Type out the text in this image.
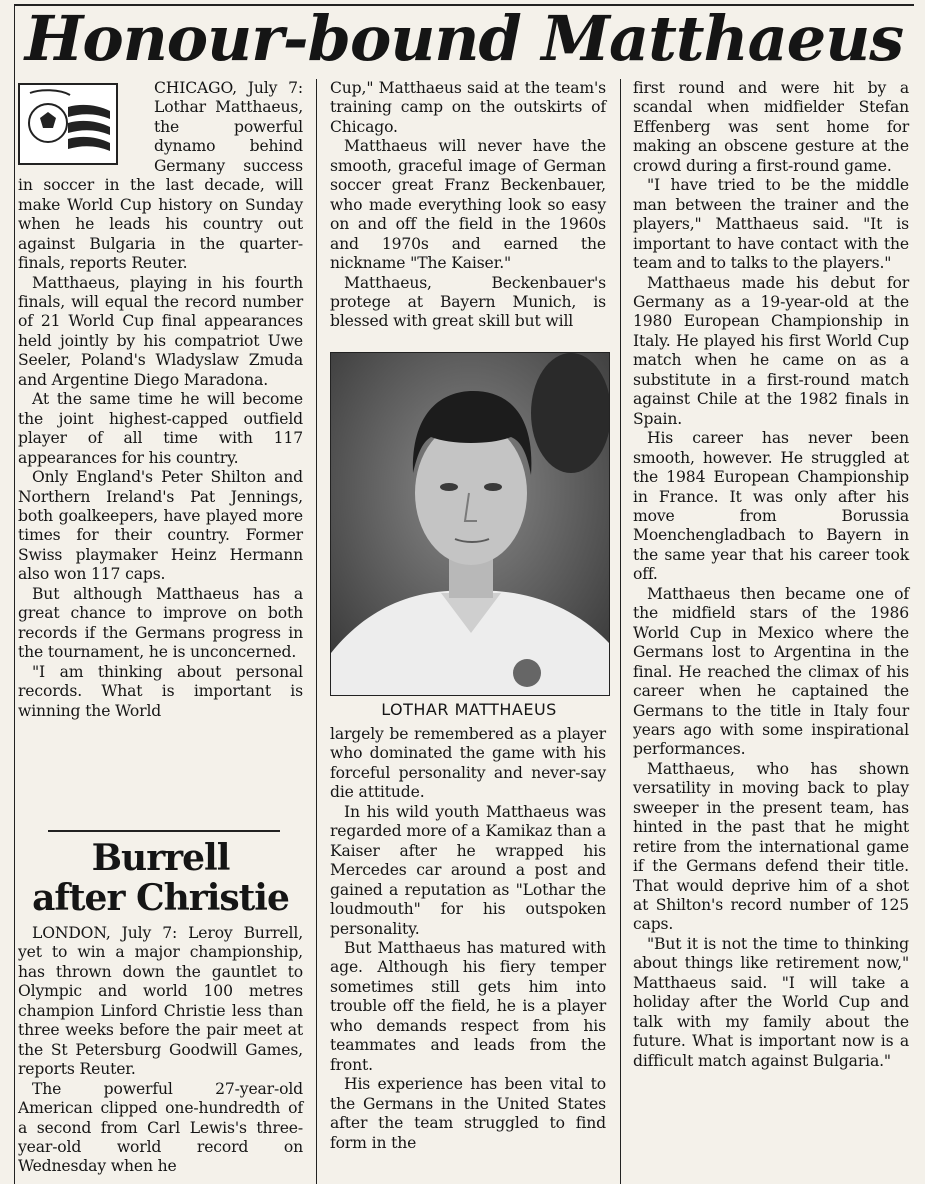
Honour-bound Matthaeus

CHICAGO, July 7: Lothar Matthaeus, the powerful dynamo behind Germany success in soccer in the last decade, will make World Cup history on Sunday when he leads his country out against Bulgaria in the quarter-finals, reports Reuter.

Matthaeus, playing in his fourth finals, will equal the record number of 21 World Cup final appearances held jointly by his compatriot Uwe Seeler, Poland's Wladyslaw Zmuda and Argentine Diego Maradona.

At the same time he will become the joint highest-capped outfield player of all time with 117 appearances for his country.

Only England's Peter Shilton and Northern Ireland's Pat Jennings, both goalkeepers, have played more times for their country. Former Swiss playmaker Heinz Hermann also won 117 caps.

But although Matthaeus has a great chance to improve on both records if the Germans progress in the tournament, he is unconcerned.

"I am thinking about personal records. What is important is winning the World

Burrell
after Christie

LONDON, July 7: Leroy Burrell, yet to win a major championship, has thrown down the gauntlet to Olympic and world 100 metres champion Linford Christie less than three weeks before the pair meet at the St Petersburg Goodwill Games, reports Reuter.

The powerful 27-year-old American clipped one-hundredth of a second from Carl Lewis's three-year-old world record on Wednesday when he

Cup," Matthaeus said at the team's training camp on the outskirts of Chicago.

Matthaeus will never have the smooth, graceful image of German soccer great Franz Beckenbauer, who made everything look so easy on and off the field in the 1960s and 1970s and earned the nickname "The Kaiser."

Matthaeus, Beckenbauer's protege at Bayern Munich, is blessed with great skill but will

LOTHAR MATTHAEUS

largely be remembered as a player who dominated the game with his forceful personality and never-say die attitude.

In his wild youth Matthaeus was regarded more of a Kamikaz than a Kaiser after he wrapped his Mercedes car around a post and gained a reputation as "Lothar the loudmouth" for his outspoken personality.

But Matthaeus has matured with age. Although his fiery temper sometimes still gets him into trouble off the field, he is a player who demands respect from his teammates and leads from the front.

His experience has been vital to the Germans in the United States after the team struggled to find form in the

first round and were hit by a scandal when midfielder Stefan Effenberg was sent home for making an obscene gesture at the crowd during a first-round game.

"I have tried to be the middle man between the trainer and the players," Matthaeus said. "It is important to have contact with the team and to talks to the players."

Matthaeus made his debut for Germany as a 19-year-old at the 1980 European Championship in Italy. He played his first World Cup match when he came on as a substitute in a first-round match against Chile at the 1982 finals in Spain.

His career has never been smooth, however. He struggled at the 1984 European Championship in France. It was only after his move from Borussia Moenchengladbach to Bayern in the same year that his career took off.

Matthaeus then became one of the midfield stars of the 1986 World Cup in Mexico where the Germans lost to Argentina in the final. He reached the climax of his career when he captained the Germans to the title in Italy four years ago with some inspirational performances.

Matthaeus, who has shown versatility in moving back to play sweeper in the present team, has hinted in the past that he might retire from the international game if the Germans defend their title. That would deprive him of a shot at Shilton's record number of 125 caps.

"But it is not the time to thinking about things like retirement now," Matthaeus said. "I will take a holiday after the World Cup and talk with my family about the future. What is important now is a difficult match against Bulgaria."
